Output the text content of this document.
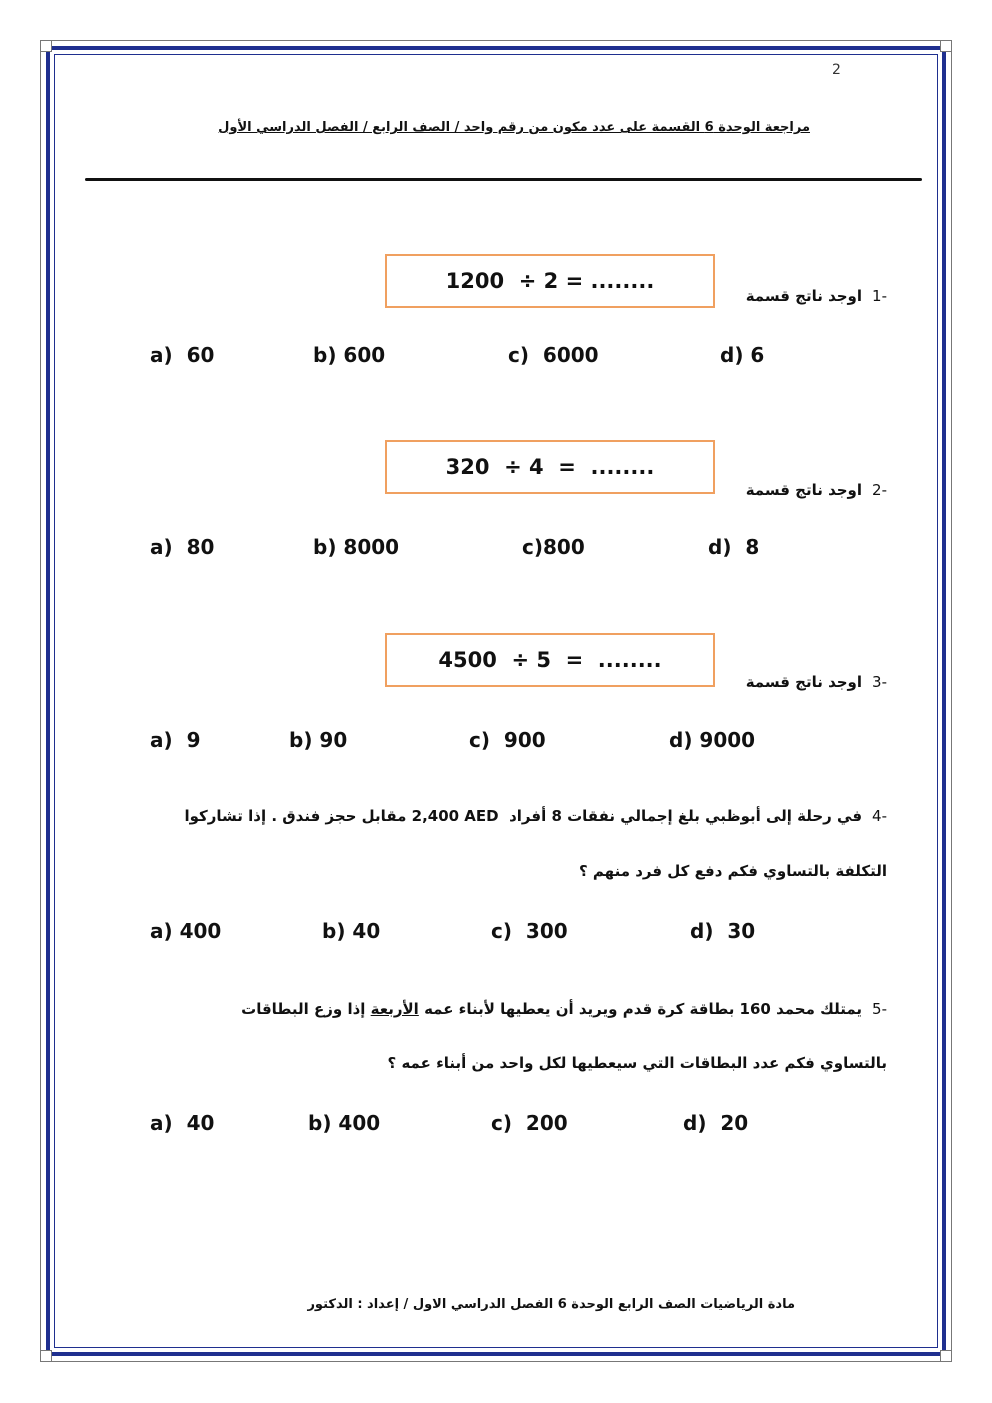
2
مراجعة الوحدة 6 القسمة على عدد مكون من رقم واحد / الصف الرابع / الفصل الدراسي الأول
-1اوجد ناتج قسمة
1200  ÷ 2 = ........
a)  60	b) 600	c)  6000	d) 6
-2اوجد ناتج قسمة
320  ÷ 4  =  ........
a)  80	b) 8000	c)800	d)  8
-3اوجد ناتج قسمة
4500  ÷ 5  =  ........
a)  9	b) 90	c)  900	d) 9000
-4في رحلة إلى أبوظبي بلغ إجمالي نفقات 8 أفراد  2,400 AED مقابل حجز فندق . إذا تشاركوا
التكلفة بالتساوي فكم دفع كل فرد منهم ؟
a) 400	b) 40	c)  300	d)  30
-5يمتلك محمد 160 بطاقة كرة قدم ويريد أن يعطيها لأبناء عمه الأربعة إذا وزع البطاقات
بالتساوي فكم عدد البطاقات التي سيعطيها لكل واحد من أبناء عمه ؟
a)  40	b) 400	c)  200	d)  20
مادة الرياضيات الصف الرابع الوحدة 6 الفصل الدراسي الاول / إعداد : الدكتور
